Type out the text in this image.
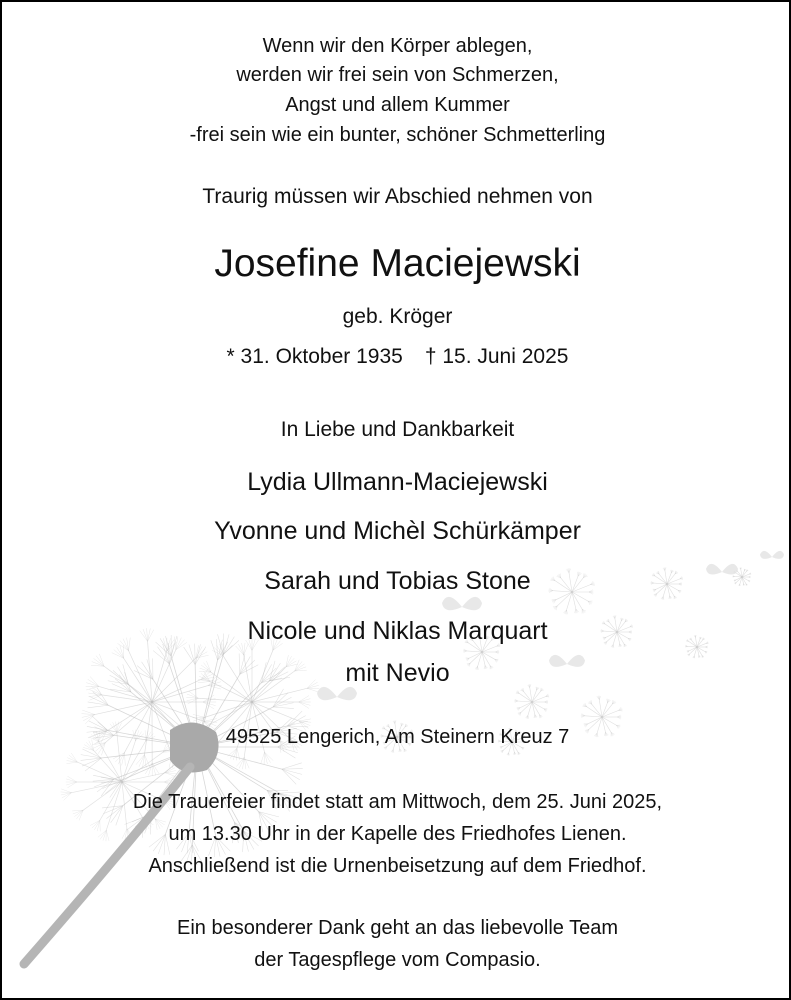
Wenn wir den Körper ablegen,
werden wir frei sein von Schmerzen,
Angst und allem Kummer
-frei sein wie ein bunter, schöner Schmetterling
Traurig müssen wir Abschied nehmen von
Josefine Maciejewski
geb. Kröger
* 31. Oktober 1935 † 15. Juni 2025
In Liebe und Dankbarkeit
Lydia Ullmann-Maciejewski
Yvonne und Michèl Schürkämper
Sarah und Tobias Stone
Nicole und Niklas Marquart
mit Nevio
49525 Lengerich, Am Steinern Kreuz 7
Die Trauerfeier findet statt am Mittwoch, dem 25. Juni 2025,
um 13.30 Uhr in der Kapelle des Friedhofes Lienen.
Anschließend ist die Urnenbeisetzung auf dem Friedhof.
Ein besonderer Dank geht an das liebevolle Team
der Tagespflege vom Compasio.
